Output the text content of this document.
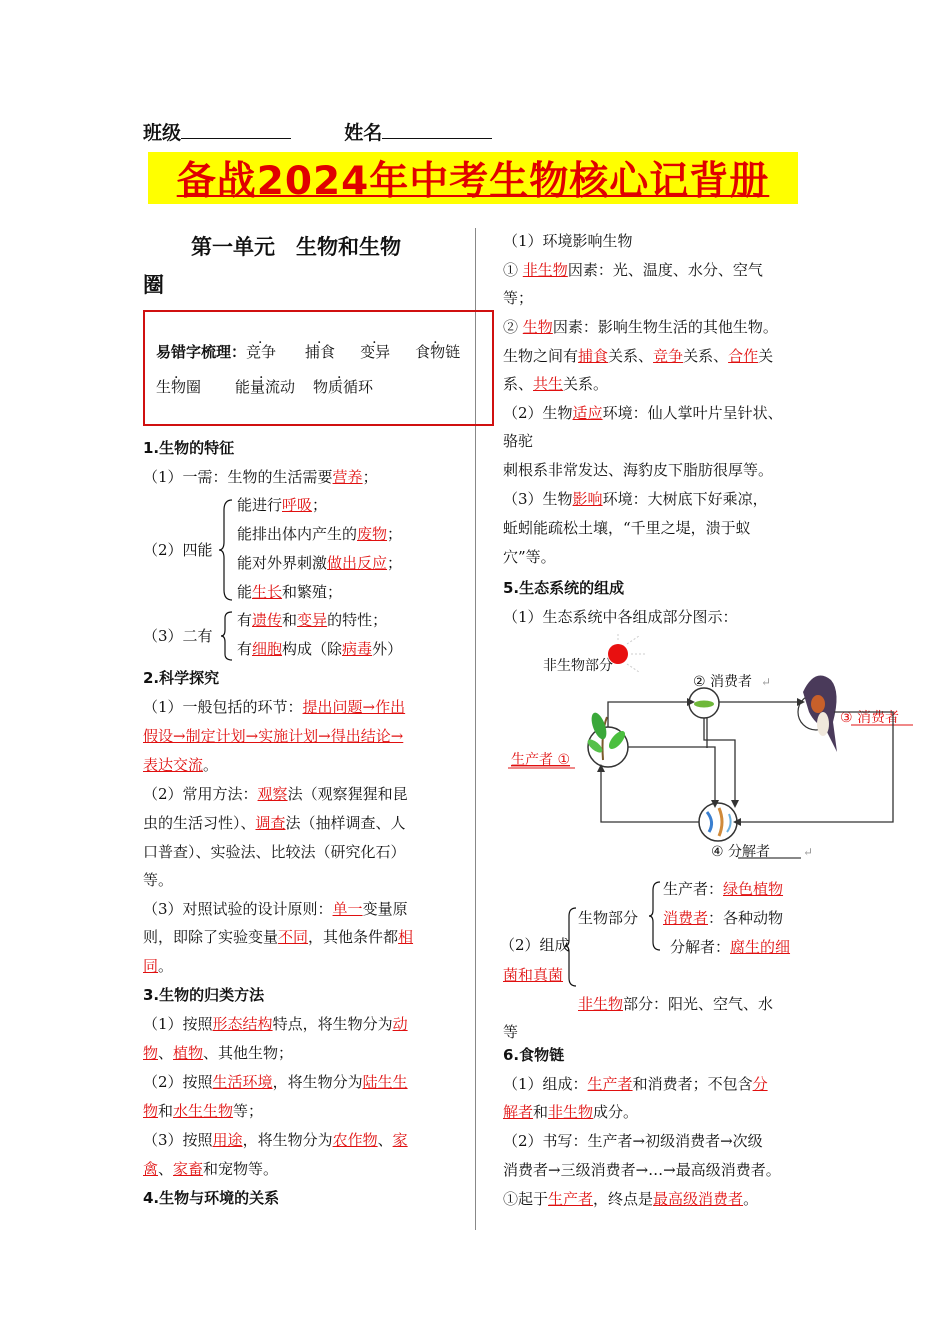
班级	姓名
备战2024年中考生物核心记背册
第一单元　生物和生物
圈
易错字梳理：竞争　 捕食　 变异　 食物链
生物圈 能量流动 物质循环
1.生物的特征
（1）一需：生物的生活需要营养；
（2）四能
能进行呼吸；
能排出体内产生的废物；
能对外界刺激做出反应；
能生长和繁殖；
（3）二有
有遗传和变异的特性；
有细胞构成（除病毒外）
2.科学探究
（1）一般包括的环节：提出问题→作出
假设→制定计划→实施计划→得出结论→
表达交流。
（2）常用方法：观察法（观察猩猩和昆
虫的生活习性）、调查法（抽样调查、人
口普查）、实验法、比较法（研究化石）
等。
（3）对照试验的设计原则：单一变量原
则，即除了实验变量不同，其他条件都相
同。
3.生物的归类方法
（1）按照形态结构特点，将生物分为动
物、植物、其他生物；
（2）按照生活环境，将生物分为陆生生
物和水生生物等；
（3）按照用途，将生物分为农作物、家
禽、家畜和宠物等。
4.生物与环境的关系
（1）环境影响生物
① 非生物因素：光、温度、水分、空气
等；
② 生物因素：影响生物生活的其他生物。
生物之间有捕食关系、竞争关系、合作关
系、共生关系。
（2）生物适应环境：仙人掌叶片呈针状、
骆驼
刺根系非常发达、海豹皮下脂肪很厚等。
（3）生物影响环境：大树底下好乘凉，
蚯蚓能疏松土壤，“千里之堤，溃于蚁
穴”等。
5.生态系统的组成
（1）生态系统中各组成部分图示：
非生物部分
生产者 ①
② 消费者 ↵
③ 消费者
④ 分解者	↵
生产者：绿色植物
生物部分 消费者：各种动物
分解者：腐生的细
（2）组成
菌和真菌
非生物部分：阳光、空气、水
等
6.食物链
（1）组成：生产者和消费者；不包含分
解者和非生物成分。
（2）书写：生产者→初级消费者→次级
消费者→三级消费者→…→最高级消费者。
①起于生产者，终点是最高级消费者。
